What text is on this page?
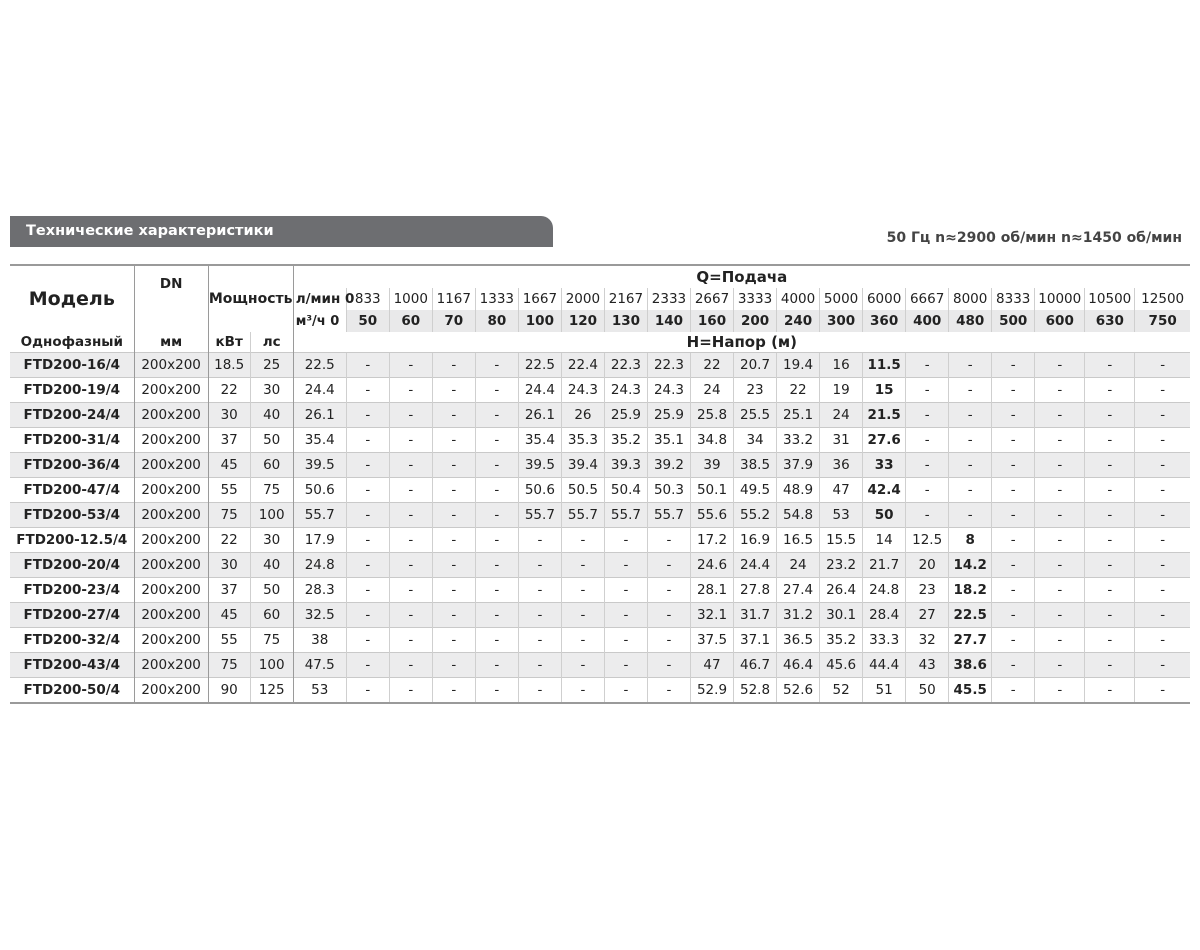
Технические характеристики	50 Гц n≈2900 об/мин n≈1450 об/мин
Модель	DN	Мощность		Q=Подача																			
				л/мин 0	833	1000	1167	1333	1667	2000	2167	2333	2667	3333	4000	5000	6000	6667	8000	8333	10000	10500	12500
				м³/ч 0	50	60	70	80	100	120	130	140	160	200	240	300	360	400	480	500	600	630	750
Однофазный	мм	кВт	лс	H=Напор (м)																			
FTD200-16/4	200x200	18.5	25	22.5	-	-	-	-	22.5	22.4	22.3	22.3	22	20.7	19.4	16	11.5	-	-	-	-	-	-
FTD200-19/4	200x200	22	30	24.4	-	-	-	-	24.4	24.3	24.3	24.3	24	23	22	19	15	-	-	-	-	-	-
FTD200-24/4	200x200	30	40	26.1	-	-	-	-	26.1	26	25.9	25.9	25.8	25.5	25.1	24	21.5	-	-	-	-	-	-
FTD200-31/4	200x200	37	50	35.4	-	-	-	-	35.4	35.3	35.2	35.1	34.8	34	33.2	31	27.6	-	-	-	-	-	-
FTD200-36/4	200x200	45	60	39.5	-	-	-	-	39.5	39.4	39.3	39.2	39	38.5	37.9	36	33	-	-	-	-	-	-
FTD200-47/4	200x200	55	75	50.6	-	-	-	-	50.6	50.5	50.4	50.3	50.1	49.5	48.9	47	42.4	-	-	-	-	-	-
FTD200-53/4	200x200	75	100	55.7	-	-	-	-	55.7	55.7	55.7	55.7	55.6	55.2	54.8	53	50	-	-	-	-	-	-
FTD200-12.5/4	200x200	22	30	17.9	-	-	-	-	-	-	-	-	17.2	16.9	16.5	15.5	14	12.5	8	-	-	-	-
FTD200-20/4	200x200	30	40	24.8	-	-	-	-	-	-	-	-	24.6	24.4	24	23.2	21.7	20	14.2	-	-	-	-
FTD200-23/4	200x200	37	50	28.3	-	-	-	-	-	-	-	-	28.1	27.8	27.4	26.4	24.8	23	18.2	-	-	-	-
FTD200-27/4	200x200	45	60	32.5	-	-	-	-	-	-	-	-	32.1	31.7	31.2	30.1	28.4	27	22.5	-	-	-	-
FTD200-32/4	200x200	55	75	38	-	-	-	-	-	-	-	-	37.5	37.1	36.5	35.2	33.3	32	27.7	-	-	-	-
FTD200-43/4	200x200	75	100	47.5	-	-	-	-	-	-	-	-	47	46.7	46.4	45.6	44.4	43	38.6	-	-	-	-
FTD200-50/4	200x200	90	125	53	-	-	-	-	-	-	-	-	52.9	52.8	52.6	52	51	50	45.5	-	-	-	-
